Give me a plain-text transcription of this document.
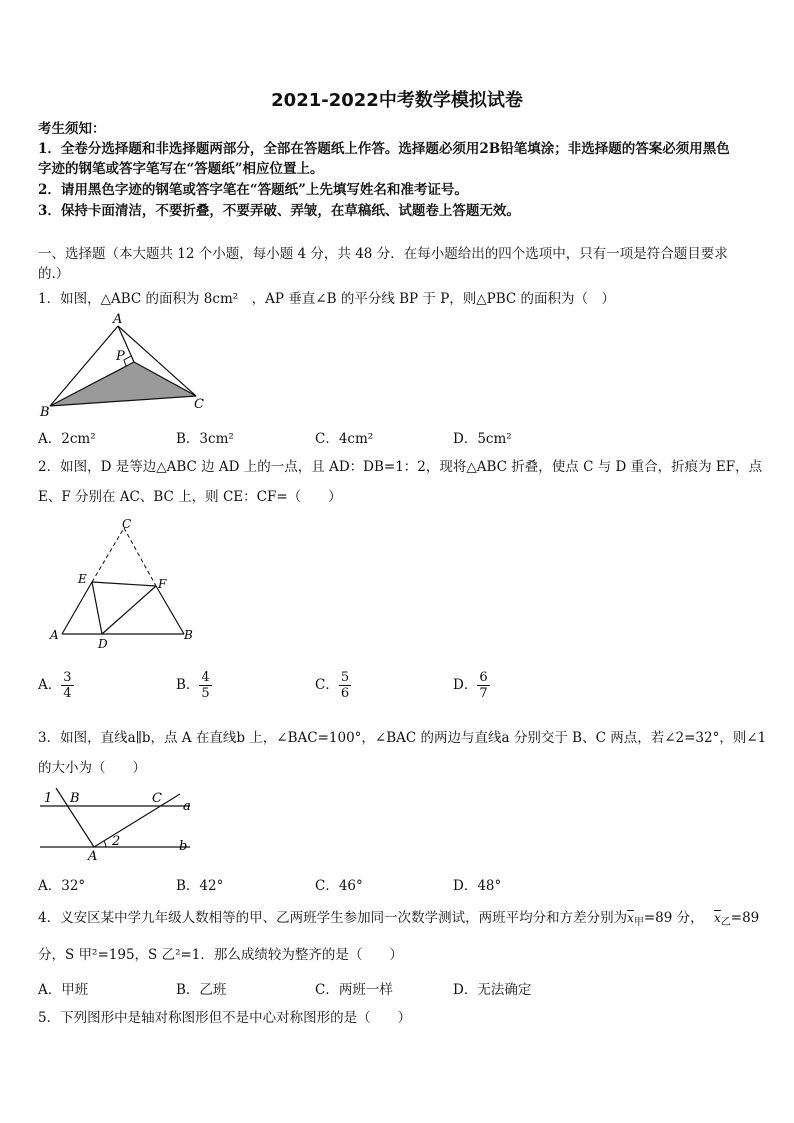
2021-2022中考数学模拟试卷
考生须知：
1．全卷分选择题和非选择题两部分，全部在答题纸上作答。选择题必须用2B铅笔填涂；非选择题的答案必须用黑色
字迹的钢笔或答字笔写在“答题纸”相应位置上。
2．请用黑色字迹的钢笔或答字笔在“答题纸”上先填写姓名和准考证号。
3．保持卡面清洁，不要折叠，不要弄破、弄皱，在草稿纸、试题卷上答题无效。
一、选择题（本大题共 12 个小题，每小题 4 分，共 48 分．在每小题给出的四个选项中，只有一项是符合题目要求
的.）
1．如图，△ABC 的面积为 8cm²　，AP 垂直∠B 的平分线 BP 于 P，则△PBC 的面积为（　）
A
P
B
C
A．2cm²	B．3cm²	C．4cm²	D．5cm²
2．如图，D 是等边△ABC 边 AD 上的一点，且 AD：DB=1：2，现将△ABC 折叠，使点 C 与 D 重合，折痕为 EF，点
E、F 分别在 AC、BC 上，则 CE：CF=（　　）
C
E	F
A	B
D
A． $\frac{3}{4}$	B． $\frac{4}{5}$	C． $\frac{5}{6}$	D． $\frac{6}{7}$
3．如图，直线a∥b，点 A 在直线b 上，∠BAC=100°，∠BAC 的两边与直线a 分别交于 B、C 两点，若∠2=32°，则∠1
的大小为（　　）
1 B	C
a
2
A
b
A．32°	B．42°	C．46°	D．48°
4．义安区某中学九年级人数相等的甲、乙两班学生参加同一次数学测试，两班平均分和方差分别为$\overline{x}_甲=89$ 分， $\overline{x}_乙=89$
分，S 甲²=195，S 乙²=1．那么成绩较为整齐的是（　　）
A．甲班	B．乙班	C．两班一样	D．无法确定
5．下列图形中是轴对称图形但不是中心对称图形的是（　　）
